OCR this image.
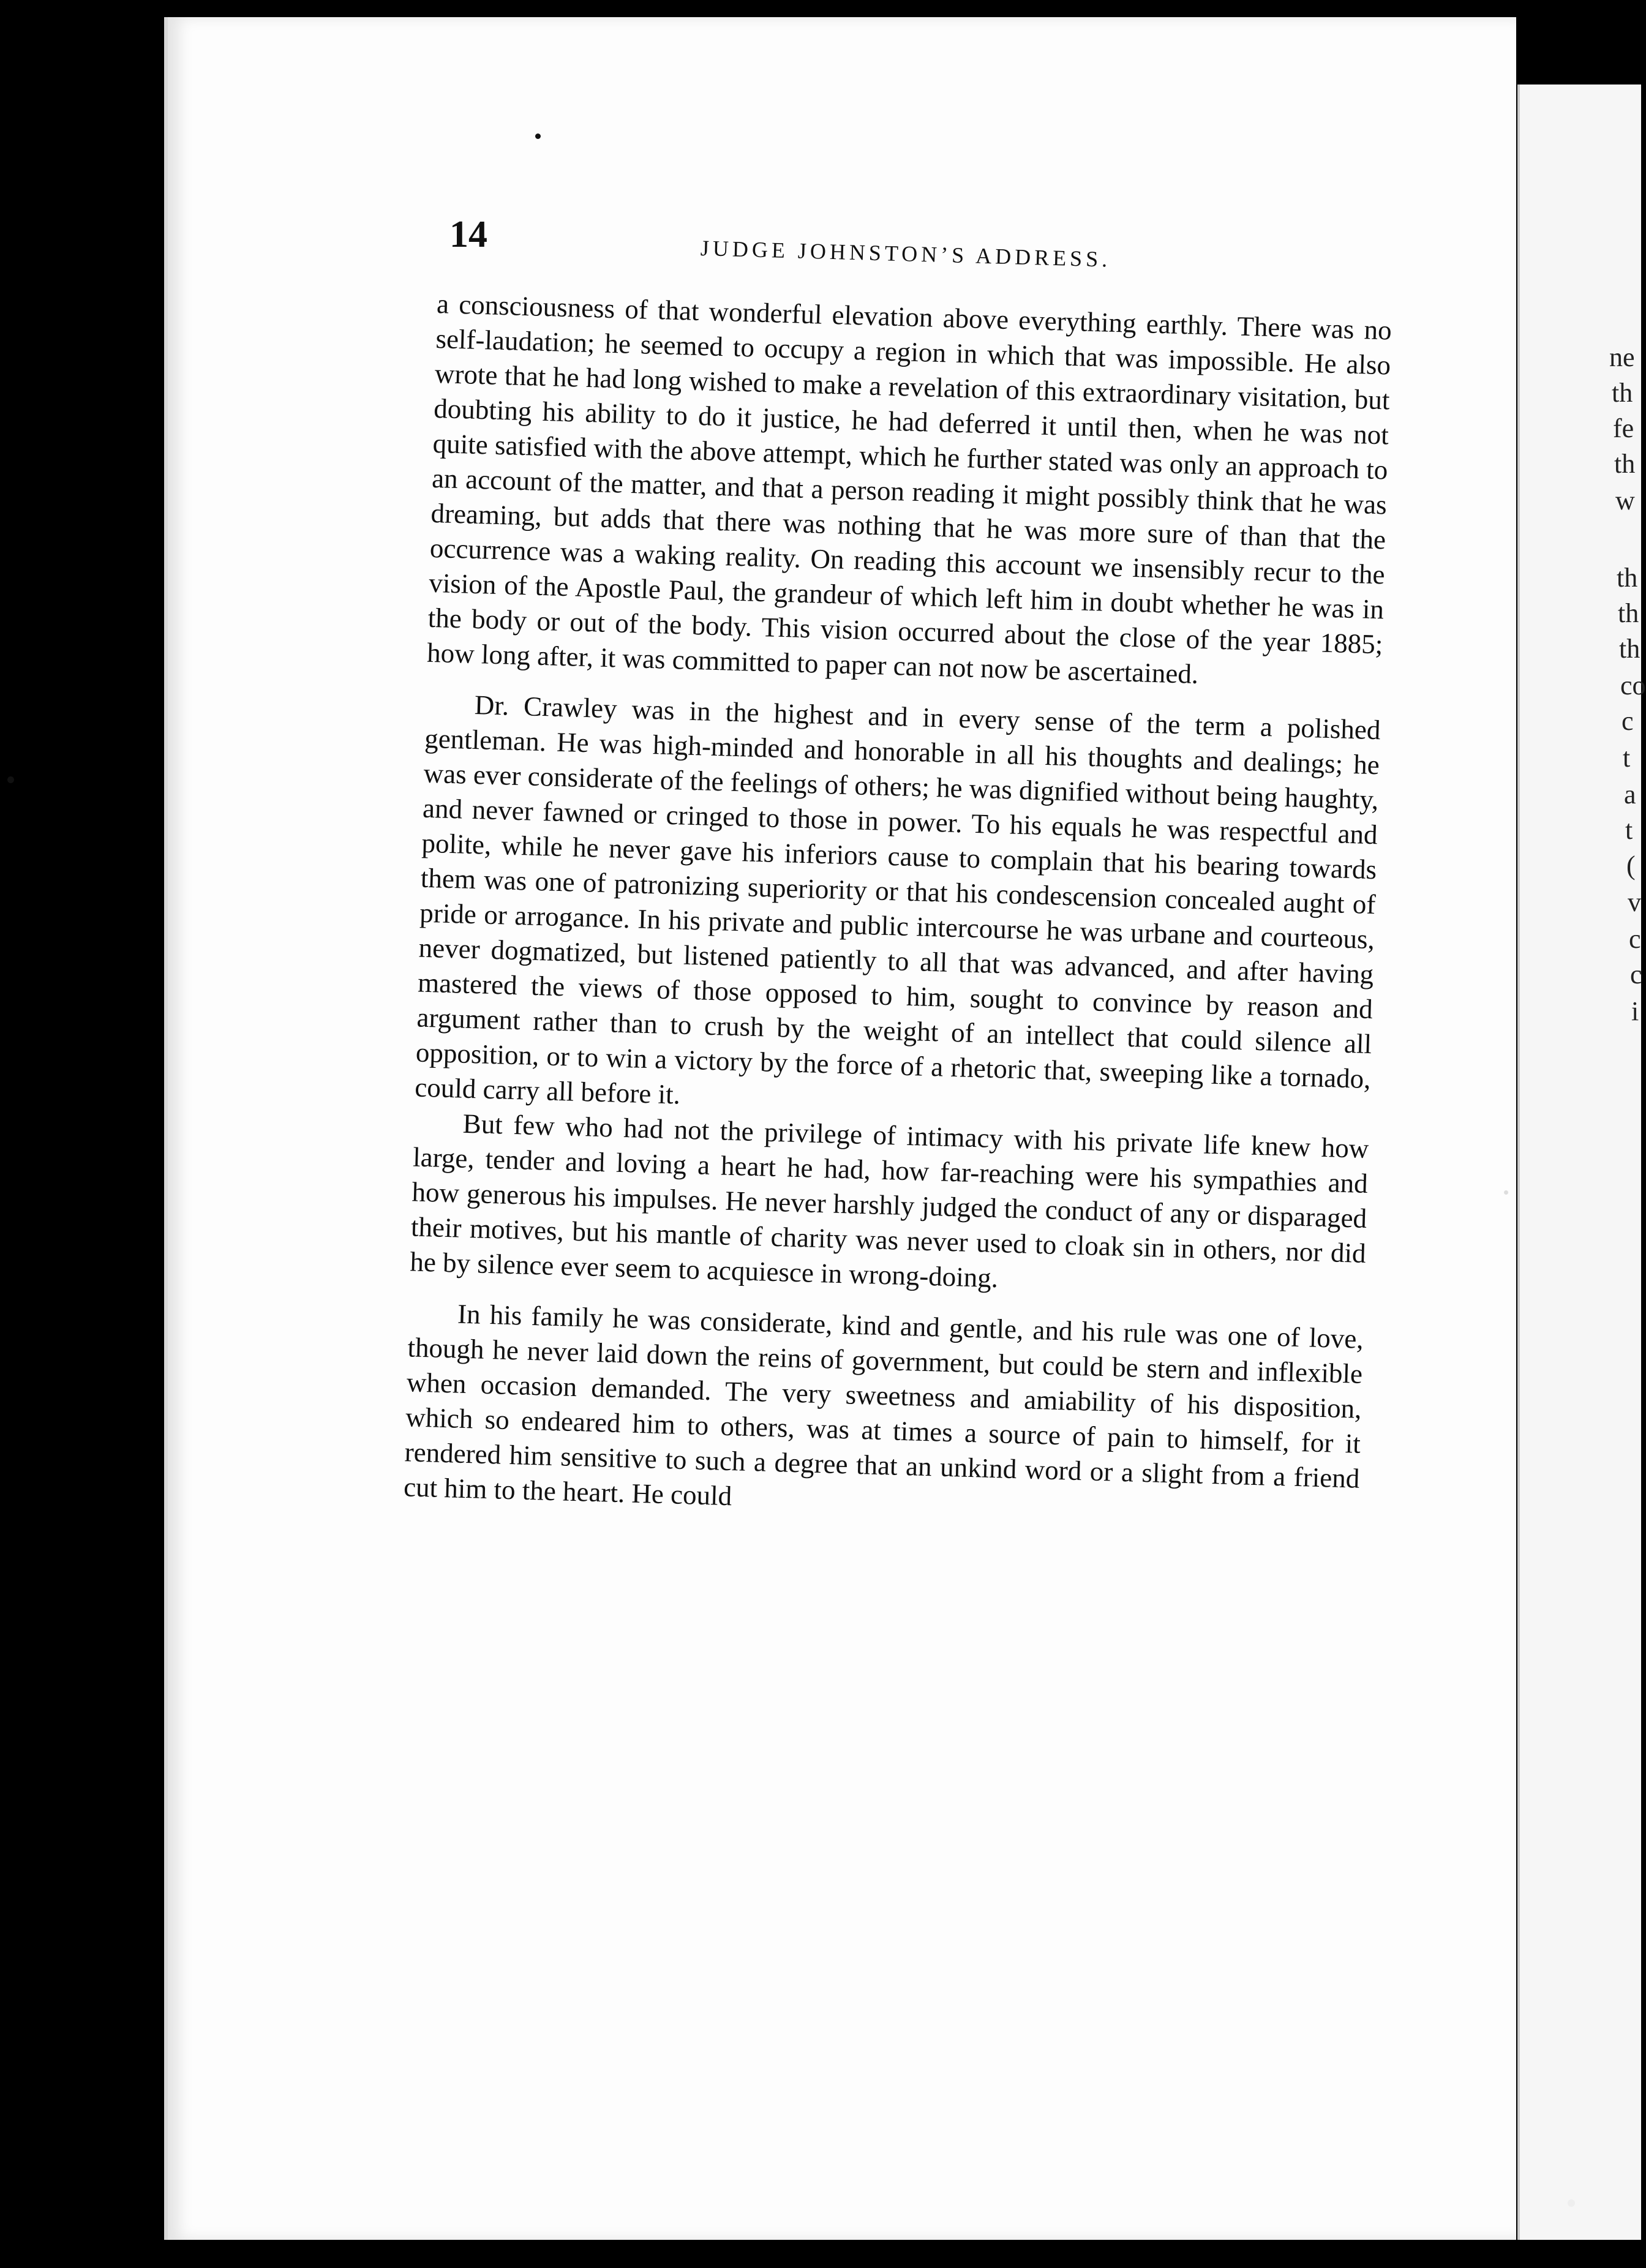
14	JUDGE JOHNSTON’S ADDRESS.

a consciousness of that wonderful elevation above everything earthly. There was no self-laudation; he seemed to occupy a region in which that was impossible. He also wrote that he had long wished to make a revelation of this extraordinary visitation, but doubting his ability to do it justice, he had deferred it until then, when he was not quite satisfied with the above attempt, which he further stated was only an approach to an account of the matter, and that a person reading it might possibly think that he was dreaming, but adds that there was nothing that he was more sure of than that the occurrence was a waking reality. On reading this account we insensibly recur to the vision of the Apostle Paul, the grandeur of which left him in doubt whether he was in the body or out of the body. This vision occurred about the close of the year 1885; how long after, it was committed to paper can not now be ascertained.

Dr. Crawley was in the highest and in every sense of the term a polished gentleman. He was high-minded and honorable in all his thoughts and dealings; he was ever considerate of the feelings of others; he was dignified without being haughty, and never fawned or cringed to those in power. To his equals he was respectful and polite, while he never gave his inferiors cause to complain that his bearing towards them was one of patronizing superiority or that his condescension concealed aught of pride or arrogance. In his private and public intercourse he was urbane and courteous, never dogmatized, but listened patiently to all that was advanced, and after having mastered the views of those opposed to him, sought to convince by reason and argument rather than to crush by the weight of an intellect that could silence all opposition, or to win a victory by the force of a rhetoric that, sweeping like a tornado, could carry all before it.

But few who had not the privilege of intimacy with his private life knew how large, tender and loving a heart he had, how far-reaching were his sympathies and how generous his impulses. He never harshly judged the conduct of any or disparaged their motives, but his mantle of charity was never used to cloak sin in others, nor did he by silence ever seem to acquiesce in wrong-doing.

In his family he was considerate, kind and gentle, and his rule was one of love, though he never laid down the reins of government, but could be stern and inflexible when occasion demanded. The very sweetness and amiability of his disposition, which so endeared him to others, was at times a source of pain to himself, for it rendered him sensitive to such a degree that an unkind word or a slight from a friend cut him to the heart. He could

ne
th
fe
th
w
th
th
th
co
c
t
a
t
(
v
c
c
i
